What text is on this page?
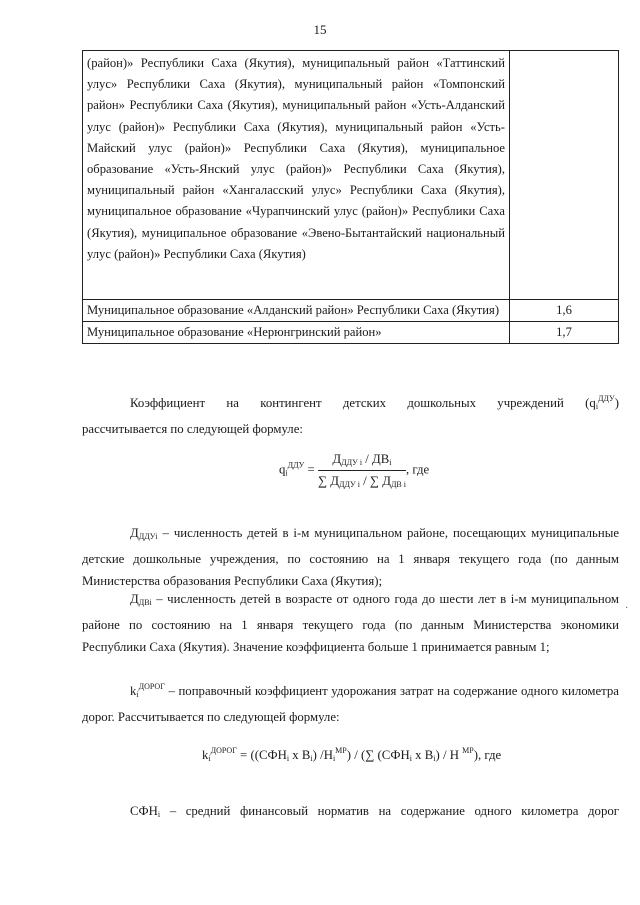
15
(район)» Республики Саха (Якутия), муниципальный район «Таттинский улус» Республики Саха (Якутия), муниципальный район «Томпонский район» Республики Саха (Якутия), муниципальный район «Усть-Алданский улус (район)» Республики Саха (Якутия), муниципальный район «Усть-Майский улус (район)» Республики Саха (Якутия), муниципальное образование «Усть-Янский улус (район)» Республики Саха (Якутия), муниципальный район «Хангаласский улус» Республики Саха (Якутия), муниципальное образование «Чурапчинский улус (район)» Республики Саха (Якутия), муниципальное образование «Эвено-Бытантайский национальный улус (район)» Республики Саха (Якутия)	
Муниципальное образование «Алданский район» Республики Саха (Якутия)	1,6
Муниципальное образование «Нерюнгринский район»	1,7
Коэффициент на контингент детских дошкольных учреждений $(q_i^{ДДУ})$
рассчитывается по следующей формуле:
$q_i^{ДДУ} = \frac{Д_{ДДУ i} / ДВ_i}{\sum Д_{ДДУ i} / \sum Д_{ДВ i}}$ , где
$Д_{ДДУi}$ – численность детей в i-м муниципальном районе, посещающих муниципальные детские дошкольные учреждения, по состоянию на 1 января текущего года (по данным Министерства образования Республики Саха (Якутия);
$Д_{ДВi}$ – численность детей в возрасте от одного года до шести лет в i-м муниципальном районе по состоянию на 1 января текущего года (по данным Министерства экономики Республики Саха (Якутия). Значение коэффициента больше 1 принимается равным 1;
$k_i^{ДОРОГ}$ – поправочный коэффициент удорожания затрат на содержание одного километра дорог. Рассчитывается по следующей формуле:
$k_i^{ДОРОГ} = ((СФН_i$ х $В_i$) $/Н_i^{МР}$) / (∑ ($СФН_i$ х $В_i$) / Н $^{МР}$), где
$СФН_i$ – средний финансовый норматив на содержание одного километра дорог
·
